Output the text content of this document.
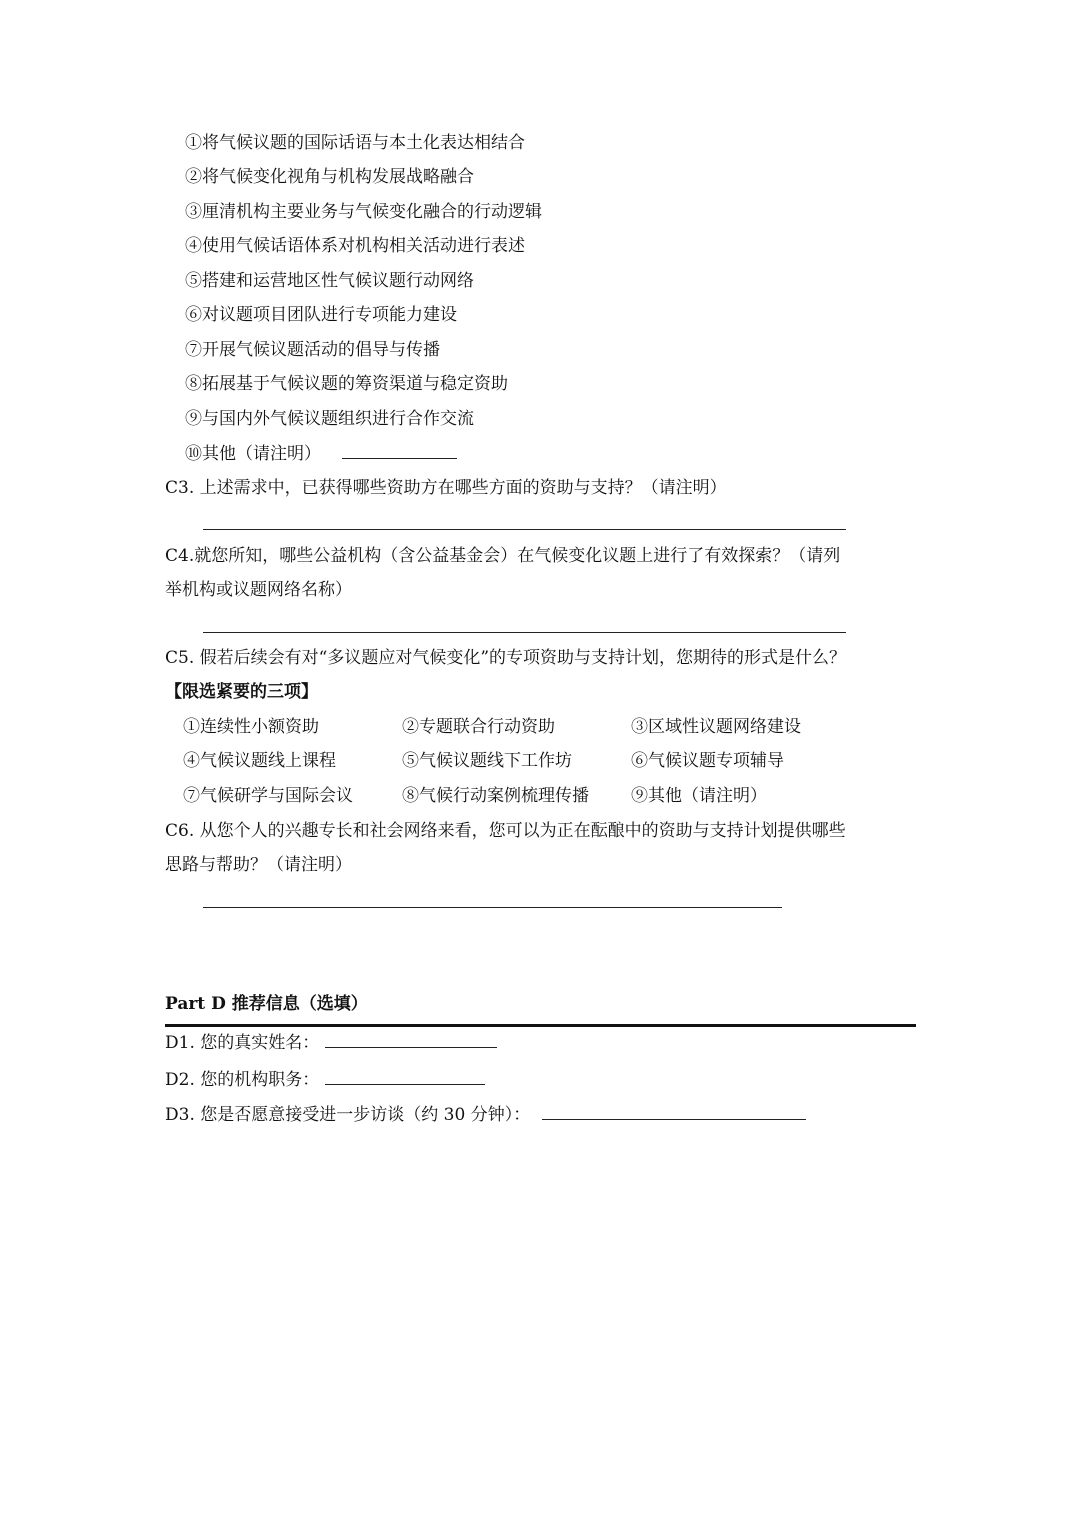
①将气候议题的国际话语与本土化表达相结合
②将气候变化视角与机构发展战略融合
③厘清机构主要业务与气候变化融合的行动逻辑
④使用气候话语体系对机构相关活动进行表述
⑤搭建和运营地区性气候议题行动网络
⑥对议题项目团队进行专项能力建设
⑦开展气候议题活动的倡导与传播
⑧拓展基于气候议题的筹资渠道与稳定资助
⑨与国内外气候议题组织进行合作交流
⑩其他（请注明）
C3. 上述需求中，已获得哪些资助方在哪些方面的资助与支持？（请注明）
C4.就您所知，哪些公益机构（含公益基金会）在气候变化议题上进行了有效探索？（请列
举机构或议题网络名称）
C5. 假若后续会有对“多议题应对气候变化”的专项资助与支持计划，您期待的形式是什么？
【限选紧要的三项】
①连续性小额资助	②专题联合行动资助	③区域性议题网络建设
④气候议题线上课程	⑤气候议题线下工作坊	⑥气候议题专项辅导
⑦气候研学与国际会议	⑧气候行动案例梳理传播 ⑨其他（请注明）
C6. 从您个人的兴趣专长和社会网络来看，您可以为正在酝酿中的资助与支持计划提供哪些
思路与帮助？（请注明）
Part D 推荐信息（选填）
D1. 您的真实姓名：
D2. 您的机构职务：
D3. 您是否愿意接受进一步访谈（约 30 分钟）：
